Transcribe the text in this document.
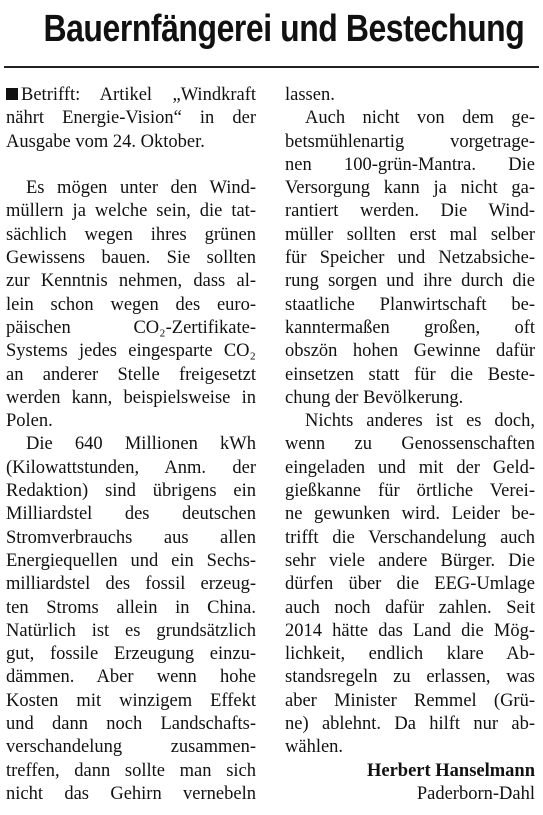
Bauernfängerei und Bestechung
Betrifft: Artikel „Windkraft
nährt Energie-Vision“ in der
Ausgabe vom 24. Oktober.
Es mögen unter den Wind-
müllern ja welche sein, die tat-
sächlich wegen ihres grünen
Gewissens bauen. Sie sollten
zur Kenntnis nehmen, dass al-
lein schon wegen des euro-
päischen CO₂-Zertifikate-
Systems jedes eingesparte CO₂
an anderer Stelle freigesetzt
werden kann, beispielsweise in
Polen.
Die 640 Millionen kWh
(Kilowattstunden, Anm. der
Redaktion) sind übrigens ein
Milliardstel des deutschen
Stromverbrauchs aus allen
Energiequellen und ein Sechs-
milliardstel des fossil erzeug-
ten Stroms allein in China.
Natürlich ist es grundsätzlich
gut, fossile Erzeugung einzu-
dämmen. Aber wenn hohe
Kosten mit winzigem Effekt
und dann noch Landschafts-
verschandelung zusammen-
treffen, dann sollte man sich
nicht das Gehirn vernebeln
lassen.
Auch nicht von dem ge-
betsmühlenartig vorgetrage-
nen 100-grün-Mantra. Die
Versorgung kann ja nicht ga-
rantiert werden. Die Wind-
müller sollten erst mal selber
für Speicher und Netzabsiche-
rung sorgen und ihre durch die
staatliche Planwirtschaft be-
kanntermaßen großen, oft
obszön hohen Gewinne dafür
einsetzen statt für die Beste-
chung der Bevölkerung.
Nichts anderes ist es doch,
wenn zu Genossenschaften
eingeladen und mit der Geld-
gießkanne für örtliche Verei-
ne gewunken wird. Leider be-
trifft die Verschandelung auch
sehr viele andere Bürger. Die
dürfen über die EEG-Umlage
auch noch dafür zahlen. Seit
2014 hätte das Land die Mög-
lichkeit, endlich klare Ab-
standsregeln zu erlassen, was
aber Minister Remmel (Grü-
ne) ablehnt. Da hilft nur ab-
wählen.
Herbert Hanselmann
Paderborn-Dahl
